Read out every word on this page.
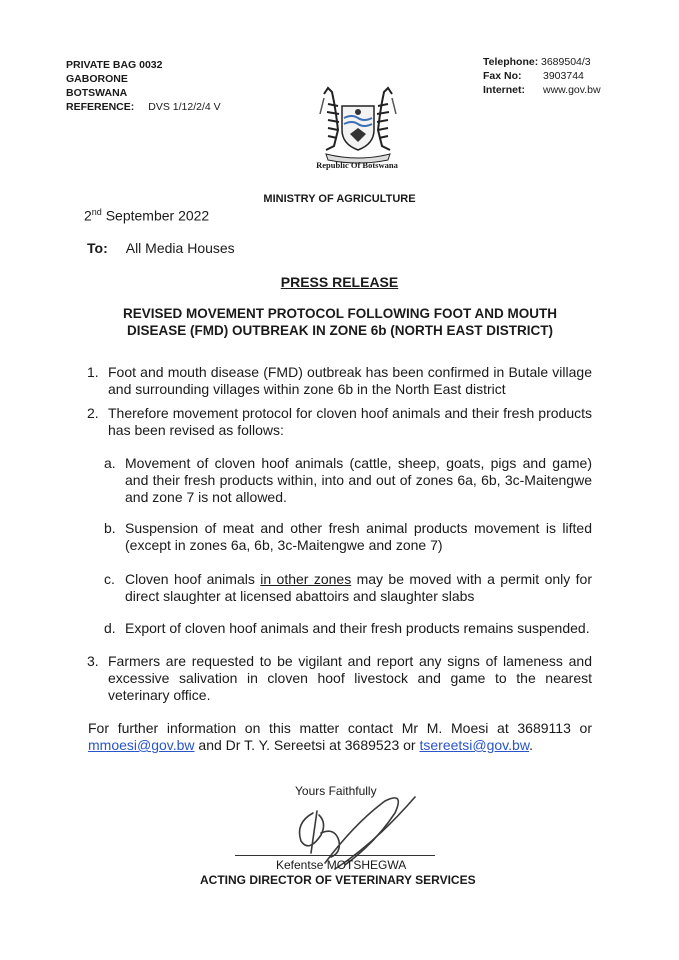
PRIVATE BAG 0032
GABORONE
BOTSWANA
REFERENCE: DVS 1/12/2/4 V
Telephone: 3689504/3
Fax No:	3903744
Internet:	www.gov.bw
Republic Of Botswana
MINISTRY OF AGRICULTURE
2nd September 2022
To: All Media Houses
PRESS RELEASE
REVISED MOVEMENT PROTOCOL FOLLOWING FOOT AND MOUTH
DISEASE (FMD) OUTBREAK IN ZONE 6b (NORTH EAST DISTRICT)
1. Foot and mouth disease (FMD) outbreak has been confirmed in Butale village and surrounding villages within zone 6b in the North East district
2. Therefore movement protocol for cloven hoof animals and their fresh products has been revised as follows:
a. Movement of cloven hoof animals (cattle, sheep, goats, pigs and game) and their fresh products within, into and out of zones 6a, 6b, 3c-Maitengwe and zone 7 is not allowed.
b. Suspension of meat and other fresh animal products movement is lifted (except in zones 6a, 6b, 3c-Maitengwe and zone 7)
c. Cloven hoof animals in other zones may be moved with a permit only for direct slaughter at licensed abattoirs and slaughter slabs
d. Export of cloven hoof animals and their fresh products remains suspended.
3. Farmers are requested to be vigilant and report any signs of lameness and excessive salivation in cloven hoof livestock and game to the nearest veterinary office.
For further information on this matter contact Mr M. Moesi at 3689113 or mmoesi@gov.bw and Dr T. Y. Sereetsi at 3689523 or tsereetsi@gov.bw.
Yours Faithfully
Kefentse MOTSHEGWA
ACTING DIRECTOR OF VETERINARY SERVICES
